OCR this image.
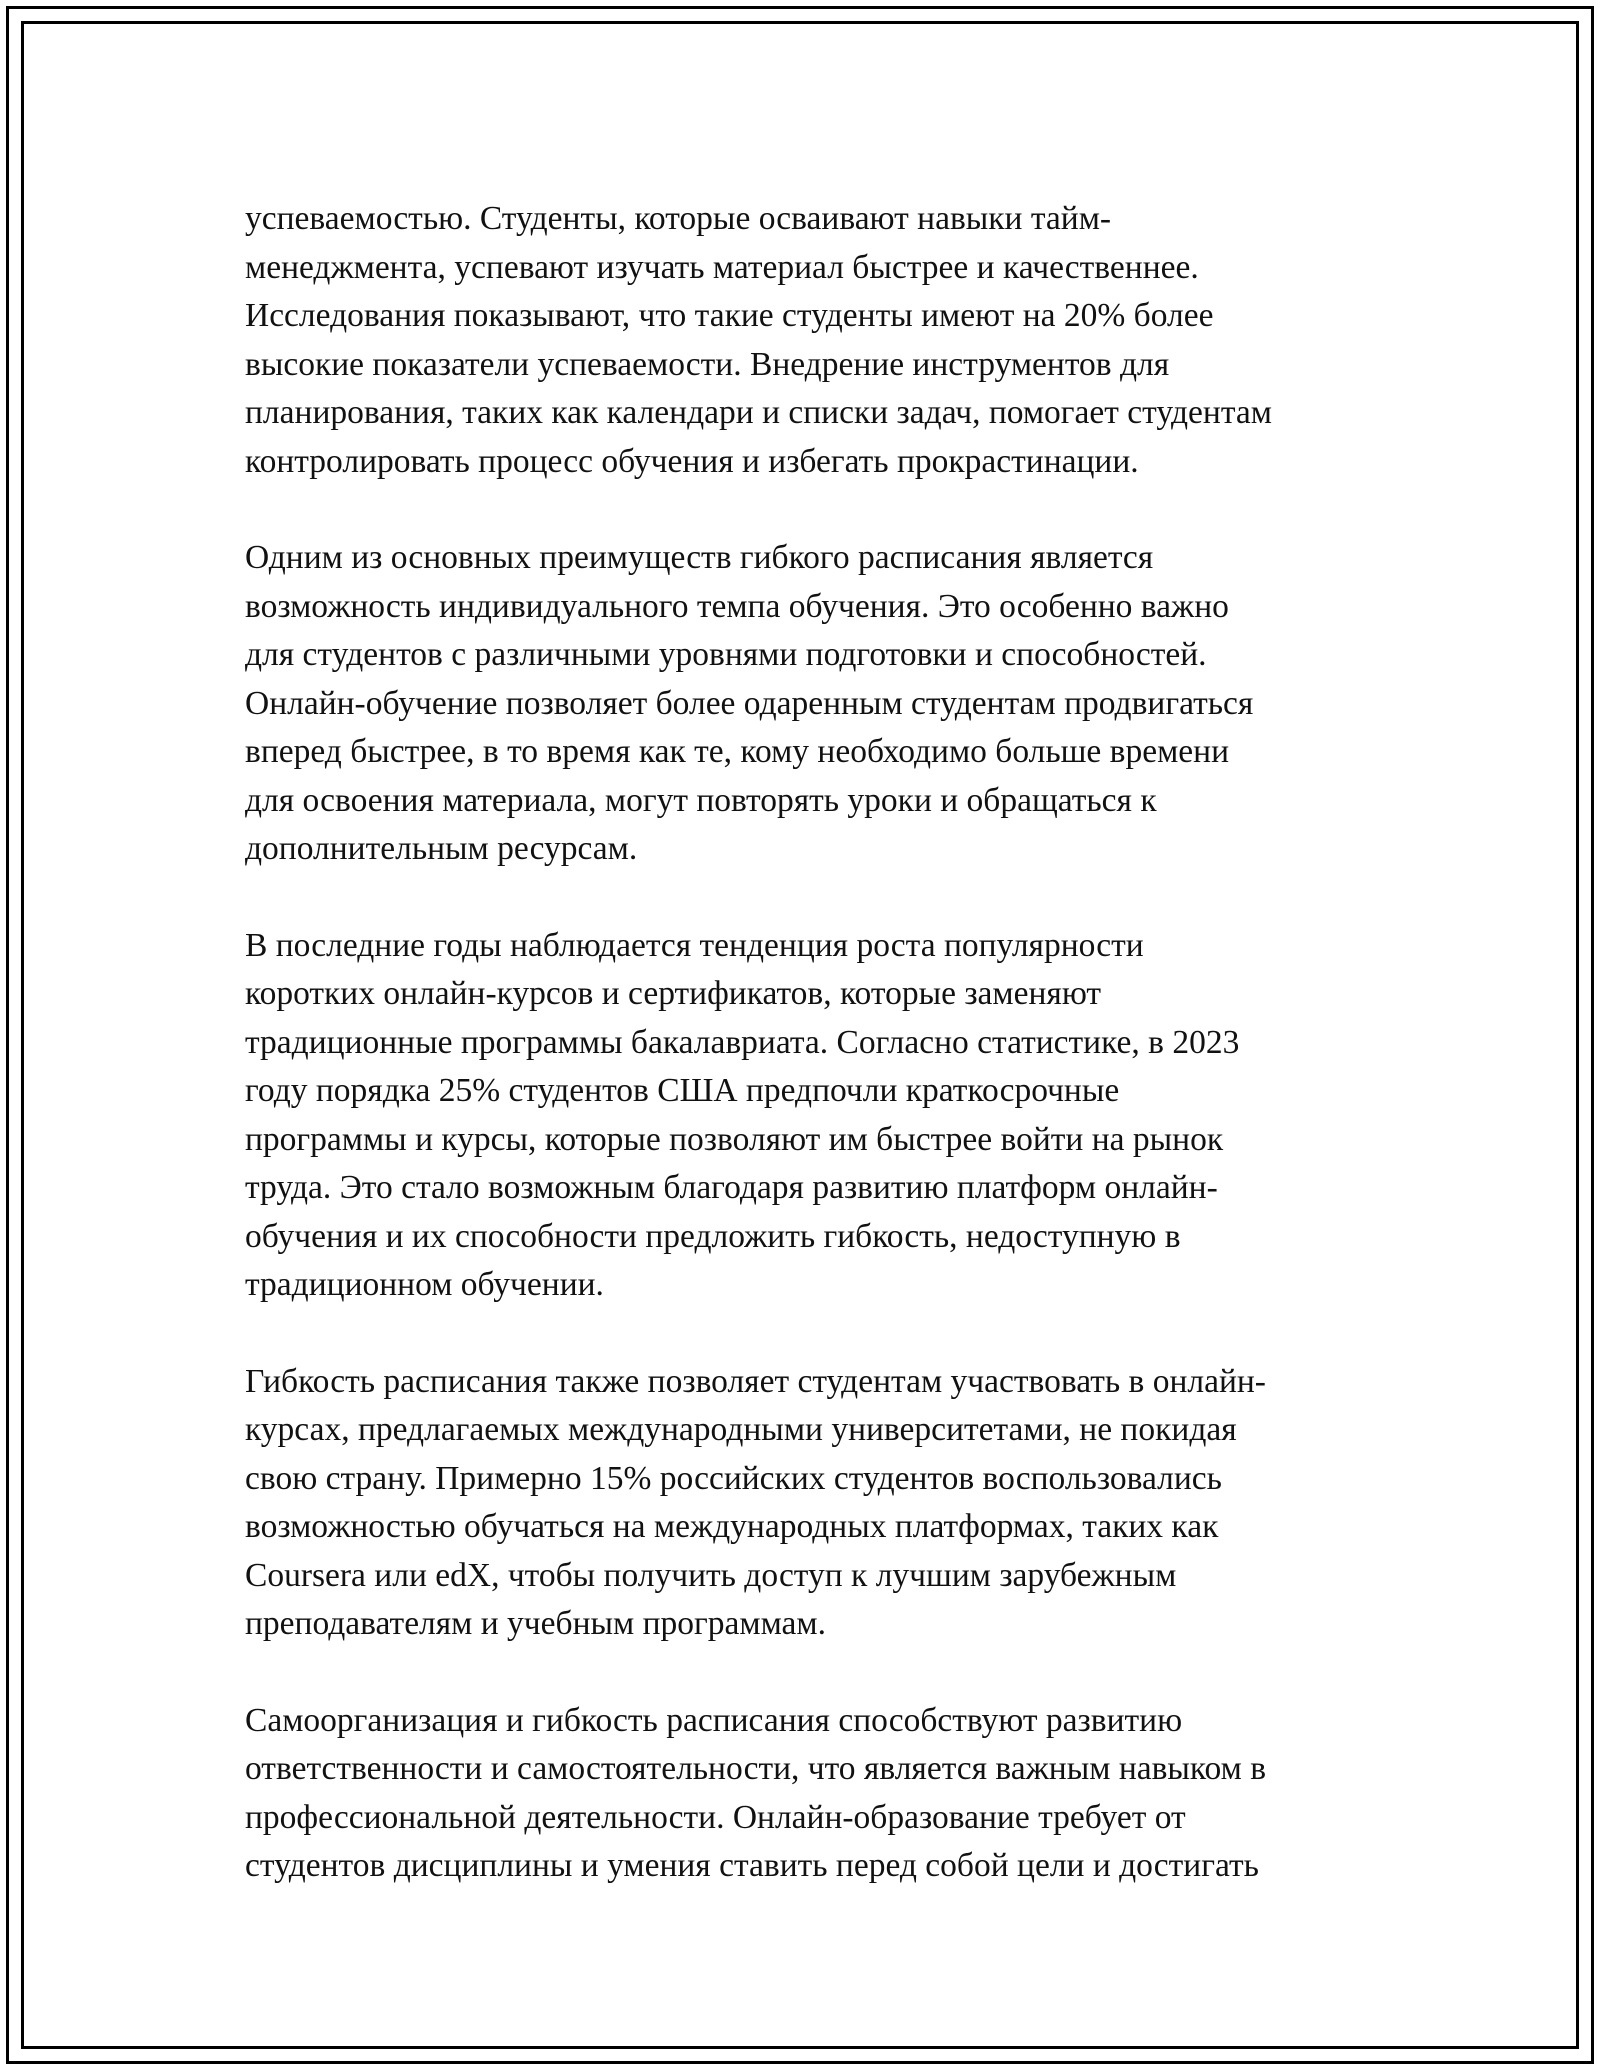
успеваемостью. Студенты, которые осваивают навыки тайм-
менеджмента, успевают изучать материал быстрее и качественнее.
Исследования показывают, что такие студенты имеют на 20% более
высокие показатели успеваемости. Внедрение инструментов для
планирования, таких как календари и списки задач, помогает студентам
контролировать процесс обучения и избегать прокрастинации.

Одним из основных преимуществ гибкого расписания является
возможность индивидуального темпа обучения. Это особенно важно
для студентов с различными уровнями подготовки и способностей.
Онлайн-обучение позволяет более одаренным студентам продвигаться
вперед быстрее, в то время как те, кому необходимо больше времени
для освоения материала, могут повторять уроки и обращаться к
дополнительным ресурсам.

В последние годы наблюдается тенденция роста популярности
коротких онлайн-курсов и сертификатов, которые заменяют
традиционные программы бакалавриата. Согласно статистике, в 2023
году порядка 25% студентов США предпочли краткосрочные
программы и курсы, которые позволяют им быстрее войти на рынок
труда. Это стало возможным благодаря развитию платформ онлайн-
обучения и их способности предложить гибкость, недоступную в
традиционном обучении.

Гибкость расписания также позволяет студентам участвовать в онлайн-
курсах, предлагаемых международными университетами, не покидая
свою страну. Примерно 15% российских студентов воспользовались
возможностью обучаться на международных платформах, таких как
Coursera или edX, чтобы получить доступ к лучшим зарубежным
преподавателям и учебным программам.

Самоорганизация и гибкость расписания способствуют развитию
ответственности и самостоятельности, что является важным навыком в
профессиональной деятельности. Онлайн-образование требует от
студентов дисциплины и умения ставить перед собой цели и достигать
